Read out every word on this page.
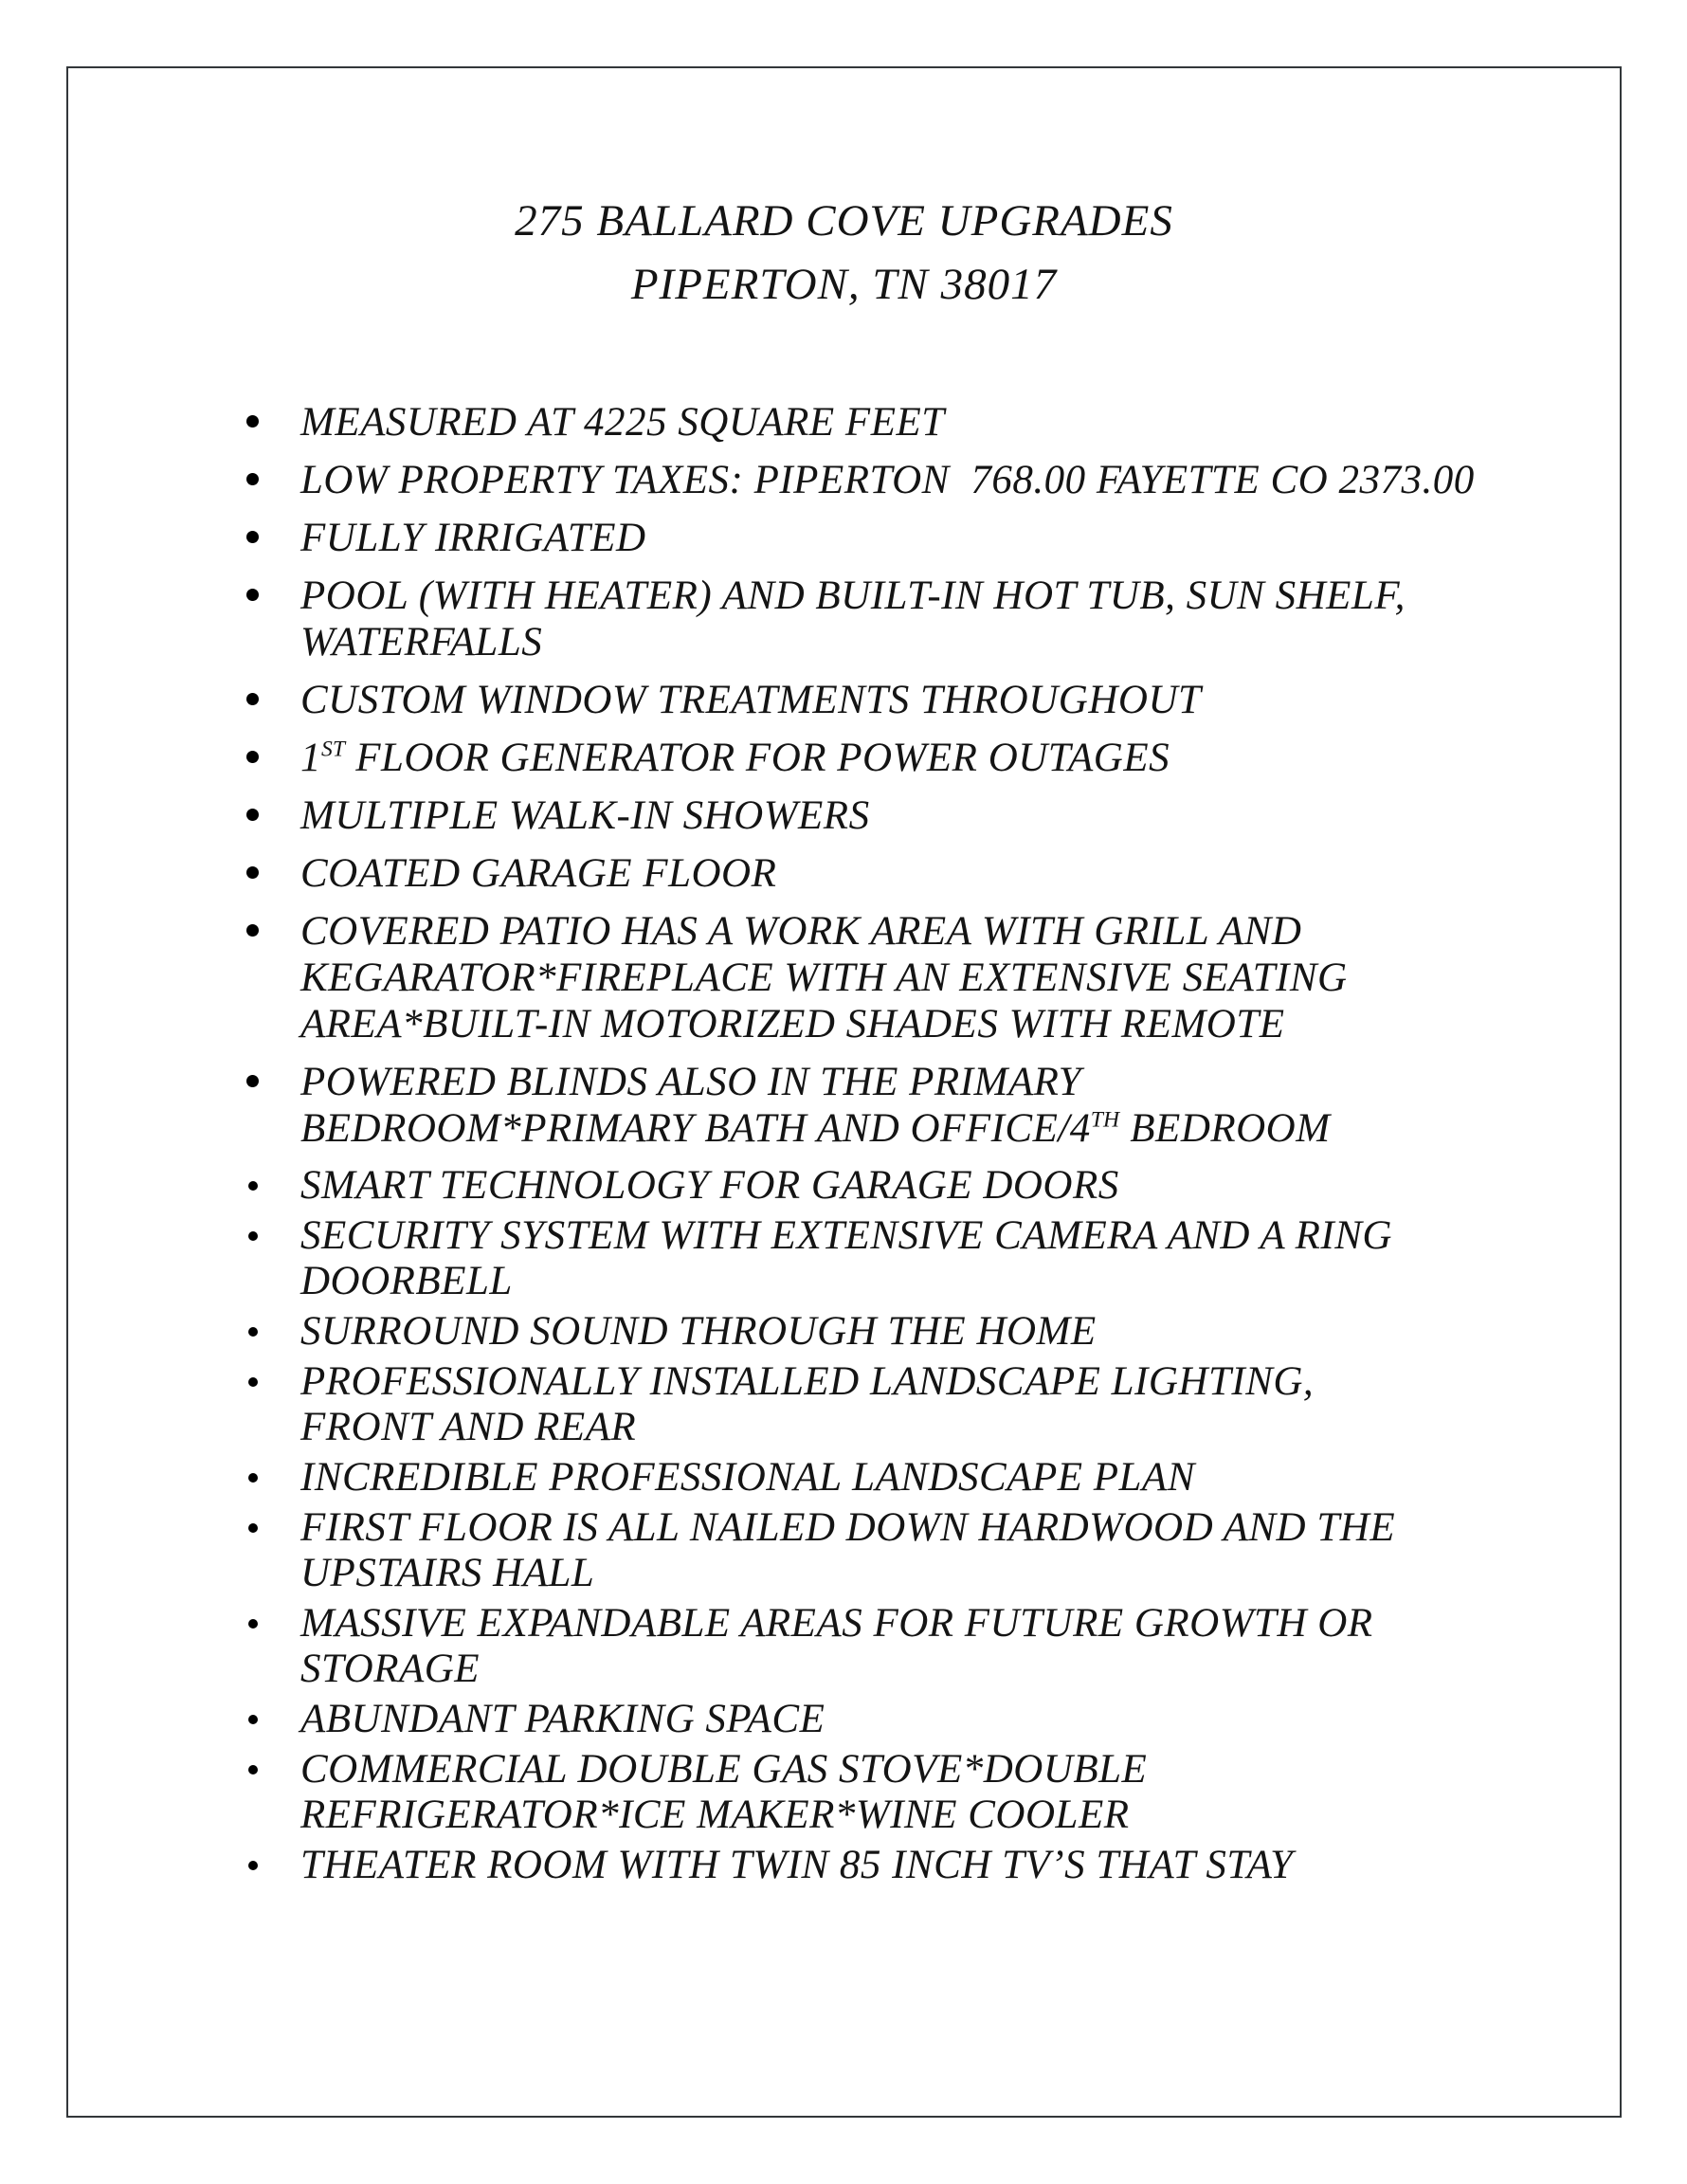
275 BALLARD COVE UPGRADES
PIPERTON, TN 38017
MEASURED AT 4225 SQUARE FEET
LOW PROPERTY TAXES: PIPERTON  768.00 FAYETTE CO 2373.00
FULLY IRRIGATED
POOL (WITH HEATER) AND BUILT-IN HOT TUB, SUN SHELF,
WATERFALLS
CUSTOM WINDOW TREATMENTS THROUGHOUT
1ST FLOOR GENERATOR FOR POWER OUTAGES
MULTIPLE WALK-IN SHOWERS
COATED GARAGE FLOOR
COVERED PATIO HAS A WORK AREA WITH GRILL AND
KEGARATOR*FIREPLACE WITH AN EXTENSIVE SEATING
AREA*BUILT-IN MOTORIZED SHADES WITH REMOTE
POWERED BLINDS ALSO IN THE PRIMARY
BEDROOM*PRIMARY BATH AND OFFICE/4TH BEDROOM
SMART TECHNOLOGY FOR GARAGE DOORS
SECURITY SYSTEM WITH EXTENSIVE CAMERA AND A RING
DOORBELL
SURROUND SOUND THROUGH THE HOME
PROFESSIONALLY INSTALLED LANDSCAPE LIGHTING,
FRONT AND REAR
INCREDIBLE PROFESSIONAL LANDSCAPE PLAN
FIRST FLOOR IS ALL NAILED DOWN HARDWOOD AND THE
UPSTAIRS HALL
MASSIVE EXPANDABLE AREAS FOR FUTURE GROWTH OR
STORAGE
ABUNDANT PARKING SPACE
COMMERCIAL DOUBLE GAS STOVE*DOUBLE
REFRIGERATOR*ICE MAKER*WINE COOLER
THEATER ROOM WITH TWIN 85 INCH TV’S THAT STAY
